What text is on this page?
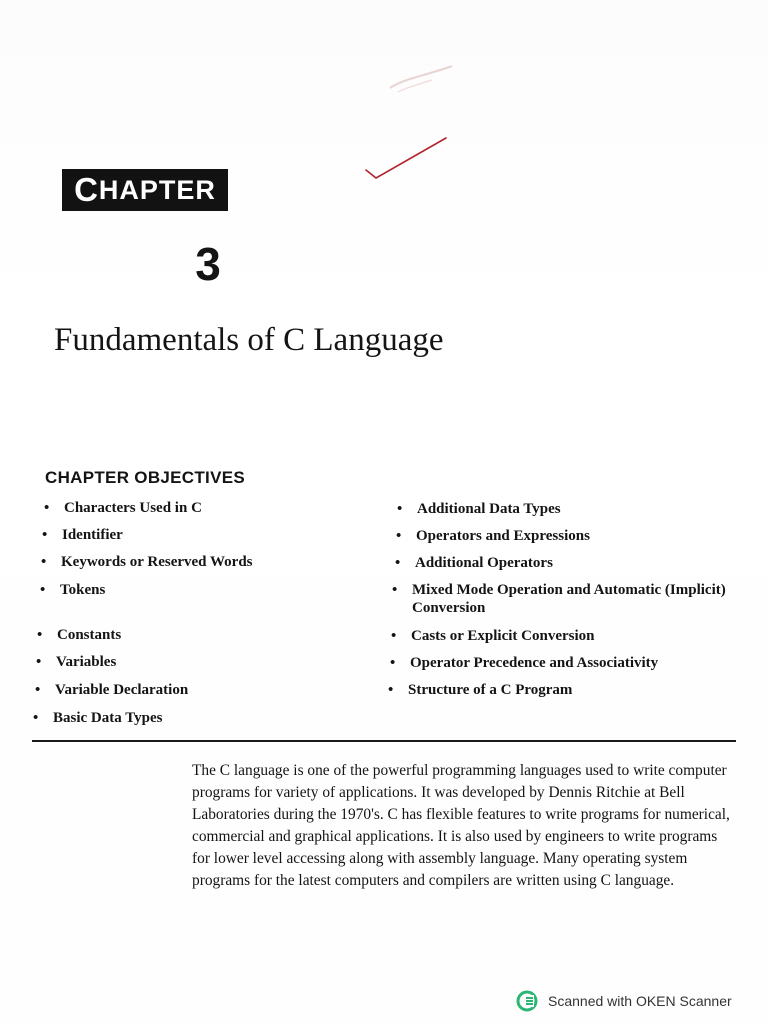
C HAPTER
3
Fundamentals of C Language
CHAPTER OBJECTIVES
• Characters Used in C
• Identifier
• Keywords or Reserved Words
• Tokens
• Constants
• Variables
• Variable Declaration
• Basic Data Types
• Additional Data Types
• Operators and Expressions
• Additional Operators
• Mixed Mode Operation and Automatic (Implicit) Conversion
• Casts or Explicit Conversion
• Operator Precedence and Associativity
• Structure of a C Program

The C language is one of the powerful programming languages used to write computer programs for variety of applications. It was developed by Dennis Ritchie at Bell Laboratories during the 1970's. C has flexible features to write programs for numerical, commercial and graphical applications. It is also used by engineers to write programs for lower level accessing along with assembly language. Many operating system programs for the latest computers and compilers are written using C language.

Scanned with OKEN Scanner
